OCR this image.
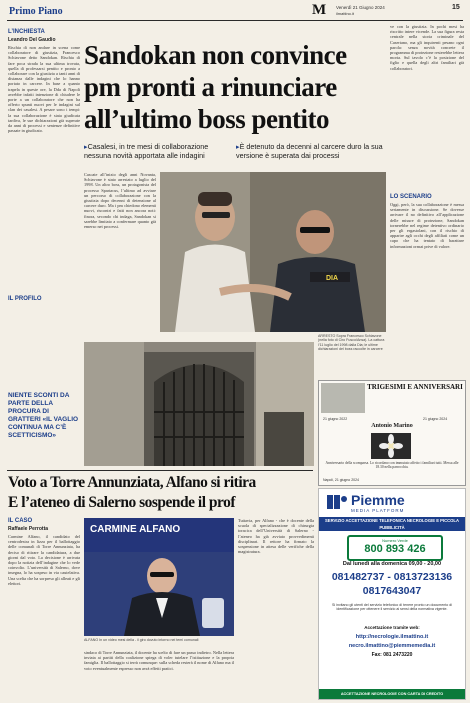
Primo Piano	M Venerdì 21 Giugno 2024
ilmattino.it
15
L’INCHIESTA
Leandro Del Gaudio
Rischia di non andare in scena come collaboratore di giustizia, Francesco Schiavone detto Sandokan. Rischia di fare poca strada la sua ultima trovata, quella di professarsi pentito e pronto a collaborare con la giustizia a tanti anni di distanza dalle indagini che lo hanno portato in carcere. In base a quanto trapela in queste ore, la Dda di Napoli avrebbe infatti intenzione di chiudere le porte a un collaboratore che non ha offerto spunti nuovi per le indagini sul clan dei casalesi. A pesare sono i tempi: la sua collaborazione è stata giudicata tardiva, le sue dichiarazioni già superate da anni di processi e sentenze definitive passate in giudicato.
Sandokan non convince
pm pronti a rinunciare
all’ultimo boss pentito
ve con la giustizia. In pochi mesi ha riscritto intere vicende. La sua figura resta centrale nella storia criminale del Casertano, ma gli inquirenti pesano ogni parola: senza novità concrete il programma di protezione resterebbe lettera morta. Sul tavolo c’è la posizione del figlio e quella degli altri familiari già collaboratori.
▸Casalesi, in tre mesi di collaborazione nessuna novità apportata alle indagini
▸È detenuto da decenni al carcere duro la sua versione è superata dai processi
Cascate all’inizio degli anni Novanta, Schiavone è stato arrestato a luglio del 1998. Un altro boss, un protagonista del processo Spartacus, l’ultimo ad avviare un percorso di collaborazione con la giustizia dopo decenni di detenzione al carcere duro. Ma i pm chiedono elementi nuovi, riscontri e fatti non ancora noti: finora, secondo chi indaga, Sandokan si sarebbe limitato a confermare quanto già emerso nei processi.
DIA
ARRESTO Sopra Francesco Schiavone (nella foto di Ciro Fusco/Ansa). La cattura l’11 luglio del 1998 dalla Dia; le ultime dichiarazioni del boss raccolte in carcere
LO SCENARIO
Oggi, però, la sua collaborazione è messa seriamente in discussione. Se dovesse arrivare il no definitivo all’applicazione delle misure di protezione, Sandokan tornerebbe nel regime detentivo ordinario per gli ergastolani, con il rischio di apparire agli occhi degli affiliati come un capo che ha tentato di barattare informazioni ormai prive di valore.
IL PROFILO
NIENTE SCONTI DA PARTE DELLA PROCURA DI GRATTERI «IL VAGLIO CONTINUA MA C’È SCETTICISMO»
TRIGESIMI E ANNIVERSARI
21 giugno 2022	21 giugno 2024
Antonio Marino
Anniversario della scomparsa. Lo ricordano con immutato affetto i familiari tutti. Messa alle 18.30 nella parrocchia.
Napoli, 21 giugno 2024
Voto a Torre Annunziata, Alfano si ritira
E l’ateneo di Salerno sospende il prof
IL CASO
Raffaele Perrotta
Carmine Alfano, il candidato del centrodestra in lizza per il ballottaggio delle comunali di Torre Annunziata, ha deciso di ritirare la candidatura, a due giorni dal voto. La decisione è arrivata dopo la notizia dell’indagine che lo vede coinvolto. L’università di Salerno, dove insegna, lo ha sospeso in via cautelativa. Una scelta che ha sorpreso gli alleati e gli elettori.
CARMINE ALFANO
ALFANO In un video mesi della - il giro dovuto intorno nei temi comunali
sindaco di Torre Annunziata, il docente ha scelto di fare un passo indietro. Nella lettera inviata ai partiti della coalizione spiega di voler tutelare l’istituzione e la propria famiglia. Il ballottaggio si terrà comunque: sulla scheda resterà il nome di Alfano ma il voto eventualmente espresso non avrà effetti pratici.
Tuttavia, per Alfano - che è docente della scuola di specializzazione di chirurgia toracica dell’Università di Salerno - l’ateneo ha già avviato provvedimenti disciplinari. Il rettore ha firmato la sospensione in attesa delle verifiche della magistratura.
Piemme
MEDIA PLATFORM
SERVIZIO ACCETTAZIONE TELEFONICA NECROLOGIE E PICCOLA PUBBLICITÀ
Numero Verde
800 893 426
Dal lunedì alla domenica 09,00 - 20,00
081482737 - 0813723136
0817643047
Si invitano gli utenti del servizio telefonico di tenere pronto un documento di identificazione per ottenere il servizio ai sensi della normativa vigente.
Accettazione tramite web:
http://necrologie.ilmattino.it
necro.ilmattino@piemmemedia.it
Fax: 081 2473220
ACCETTAZIONE NECROLOGIE CON CARTA DI CREDITO
